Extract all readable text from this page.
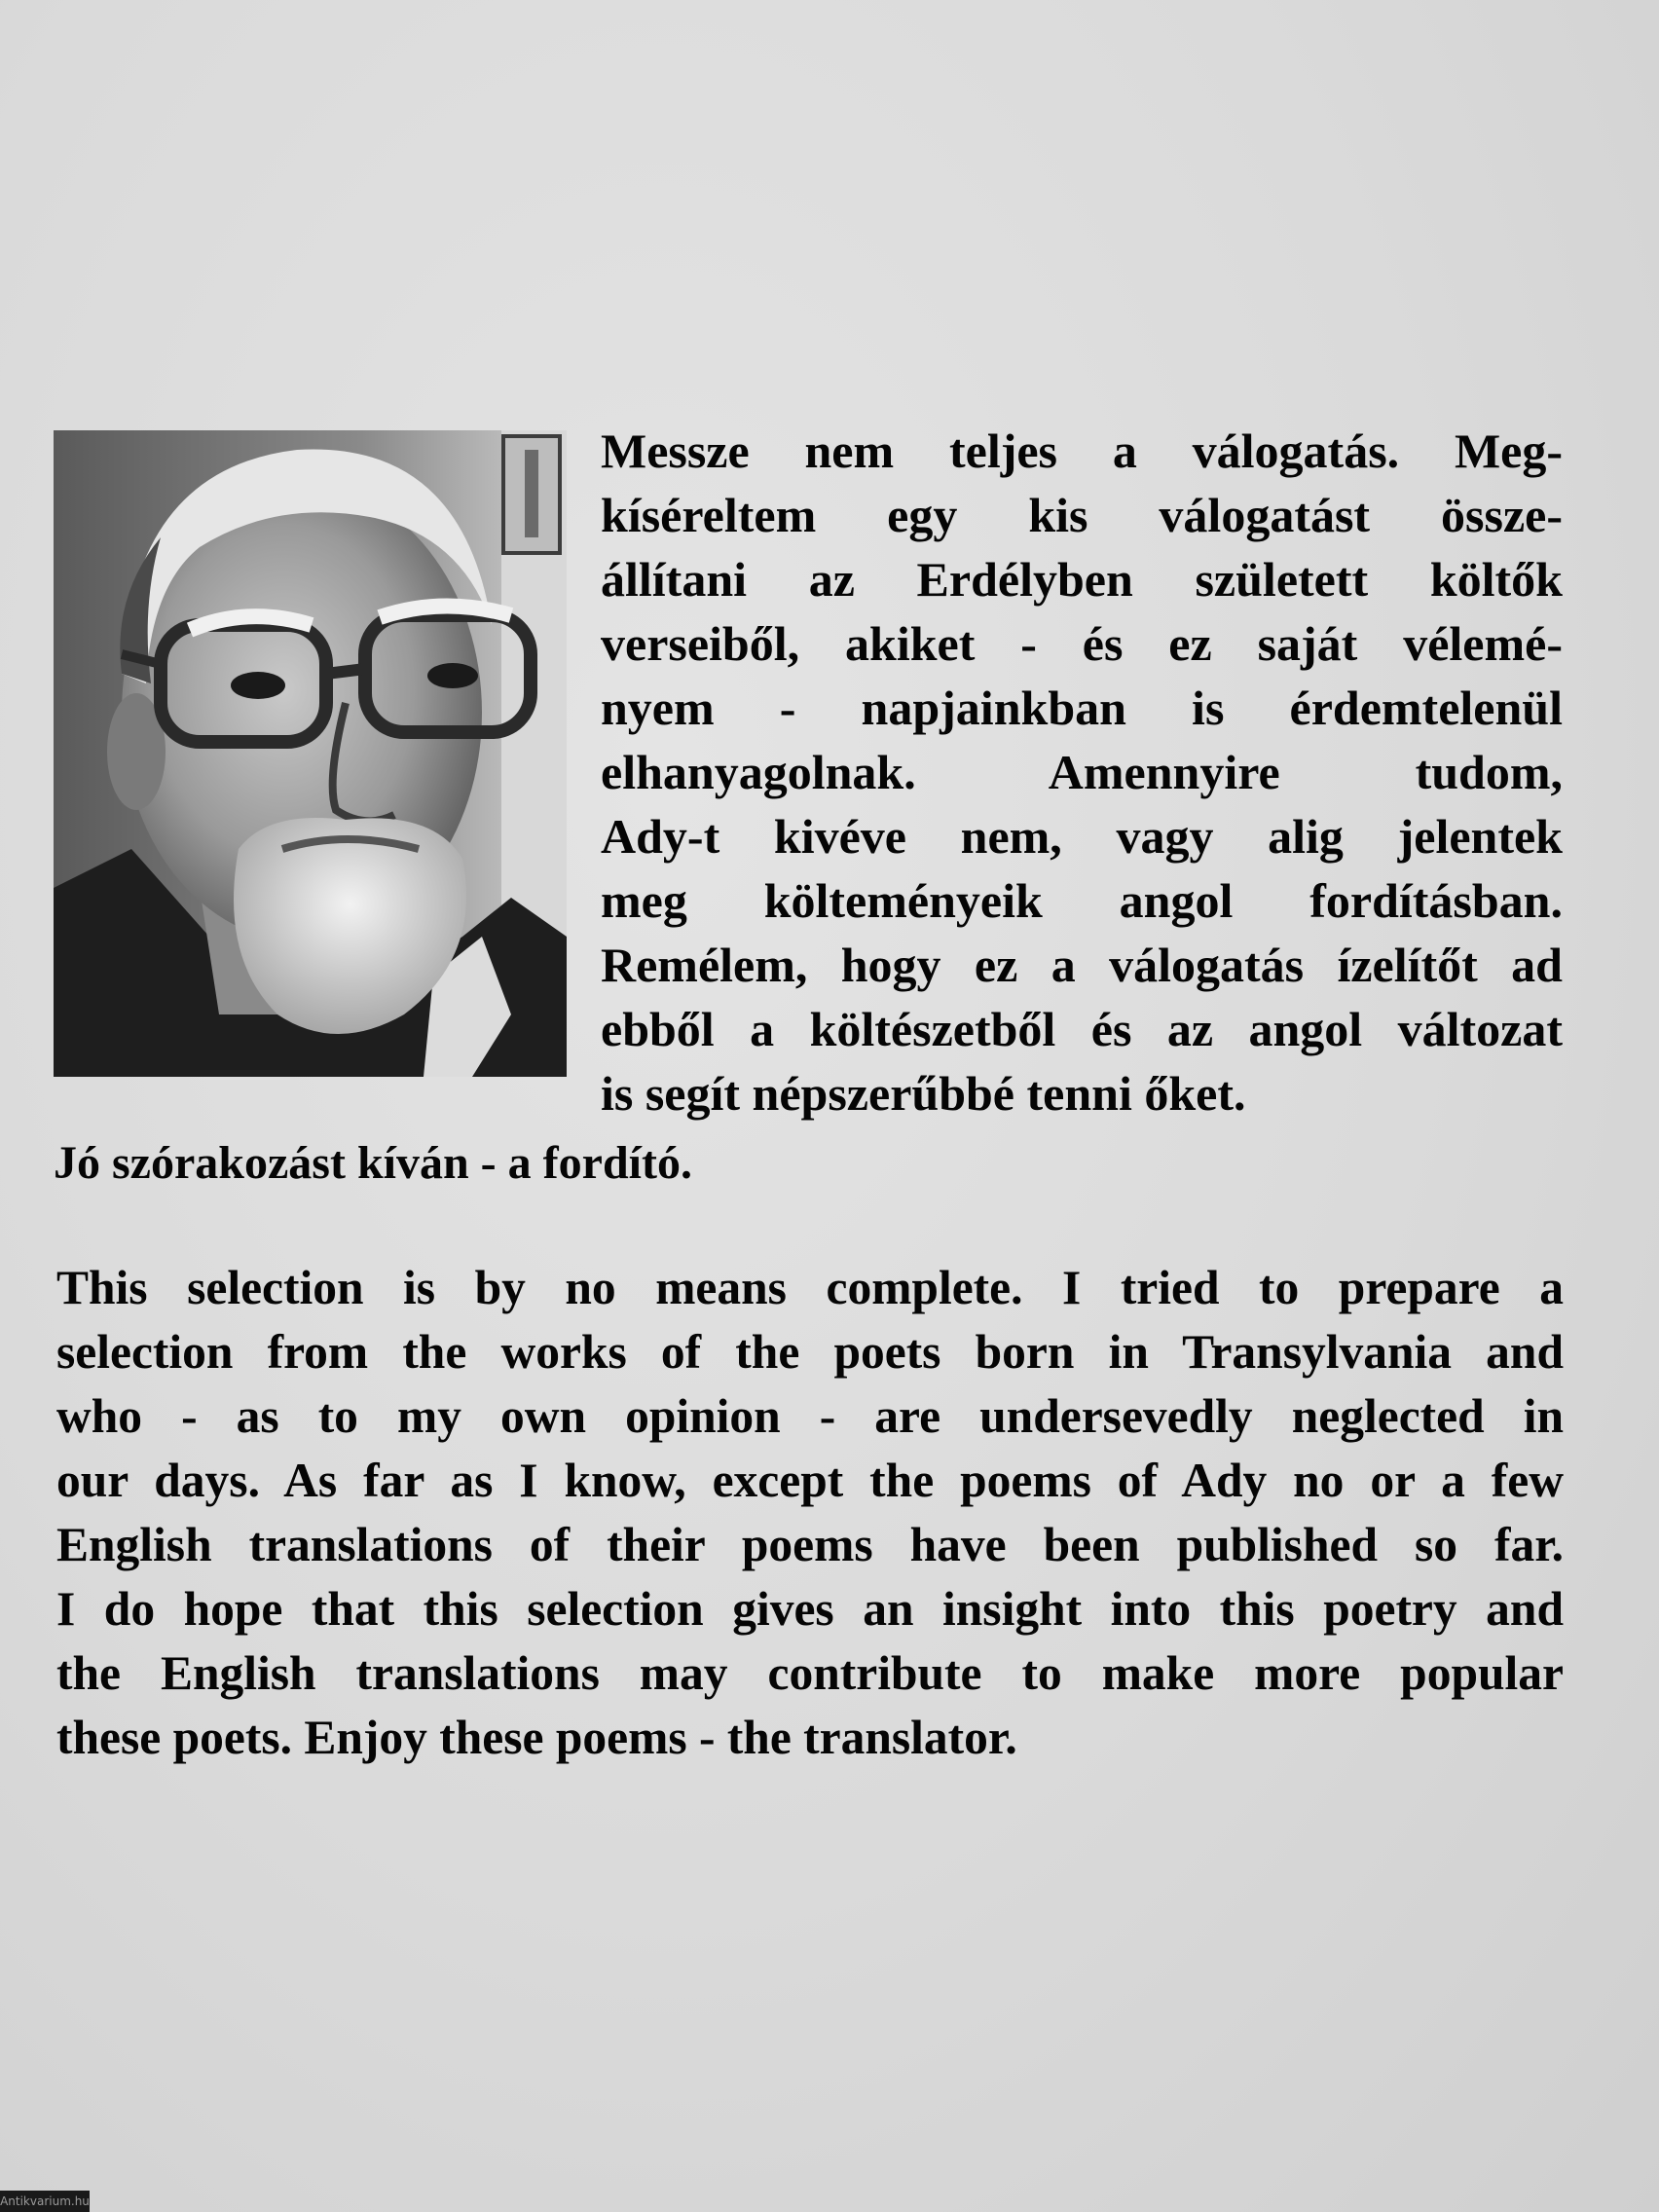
Messze nem teljes a válogatás. Meg-
kíséreltem egy kis válogatást össze-
állítani az Erdélyben született költők
verseiből, akiket - és ez saját vélemé-
nyem - napjainkban is érdemtelenül
elhanyagolnak. Amennyire tudom,
Ady-t kivéve nem, vagy alig jelentek
meg költeményeik angol fordításban.
Remélem, hogy ez a válogatás ízelítőt ad
ebből a költészetből és az angol változat
is segít népszerűbbé tenni őket.
Jó szórakozást kíván - a fordító.
This selection is by no means complete. I tried to prepare a
selection from the works of the poets born in Transylvania and
who - as to my own opinion - are undersevedly neglected in
our days. As far as I know, except the poems of Ady no or a few
English translations of their poems have been published so far.
I do hope that this selection gives an insight into this poetry and
the English translations may contribute to make more popular
these poets. Enjoy these poems - the translator.
Antikvarium.hu
